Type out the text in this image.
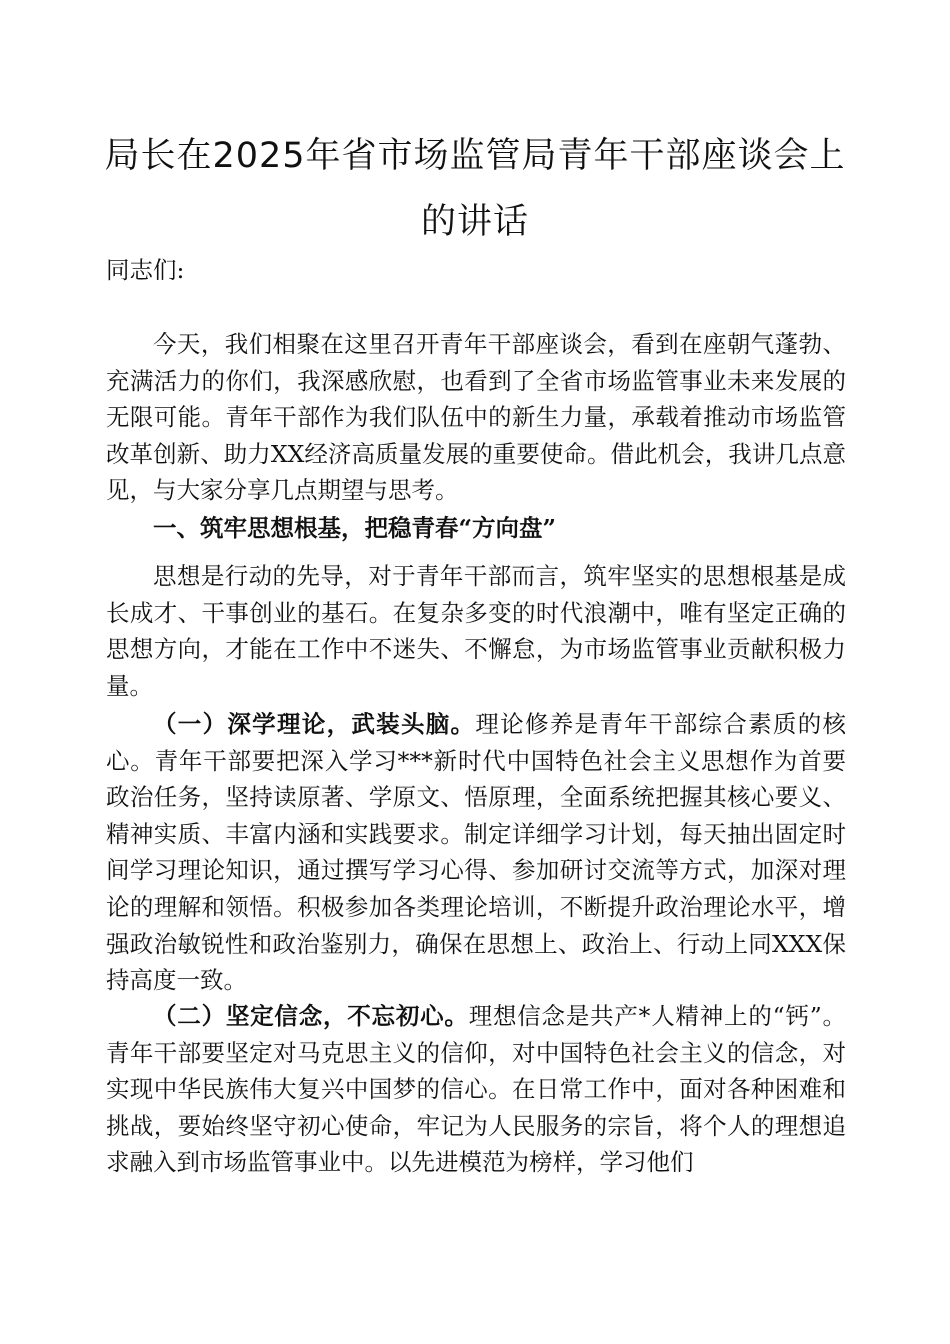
局长在2025年省市场监管局青年干部座谈会上
的讲话

同志们:

今天，我们相聚在这里召开青年干部座谈会，看到在座朝气蓬勃、充满活力的你们，我深感欣慰，也看到了全省市场监管事业未来发展的无限可能。青年干部作为我们队伍中的新生力量，承载着推动市场监管改革创新、助力XX经济高质量发展的重要使命。借此机会，我讲几点意见，与大家分享几点期望与思考。

一、筑牢思想根基，把稳青春“方向盘”

思想是行动的先导，对于青年干部而言，筑牢坚实的思想根基是成长成才、干事创业的基石。在复杂多变的时代浪潮中，唯有坚定正确的思想方向，才能在工作中不迷失、不懈怠，为市场监管事业贡献积极力量。

（一）深学理论，武装头脑。理论修养是青年干部综合素质的核心。青年干部要把深入学习***新时代中国特色社会主义思想作为首要政治任务，坚持读原著、学原文、悟原理，全面系统把握其核心要义、精神实质、丰富内涵和实践要求。制定详细学习计划，每天抽出固定时间学习理论知识，通过撰写学习心得、参加研讨交流等方式，加深对理论的理解和领悟。积极参加各类理论培训，不断提升政治理论水平，增强政治敏锐性和政治鉴别力，确保在思想上、政治上、行动上同XXX保持高度一致。

（二）坚定信念，不忘初心。理想信念是共产*人精神上的“钙”。青年干部要坚定对马克思主义的信仰，对中国特色社会主义的信念，对实现中华民族伟大复兴中国梦的信心。在日常工作中，面对各种困难和挑战，要始终坚守初心使命，牢记为人民服务的宗旨，将个人的理想追求融入到市场监管事业中。以先进模范为榜样，学习他们
